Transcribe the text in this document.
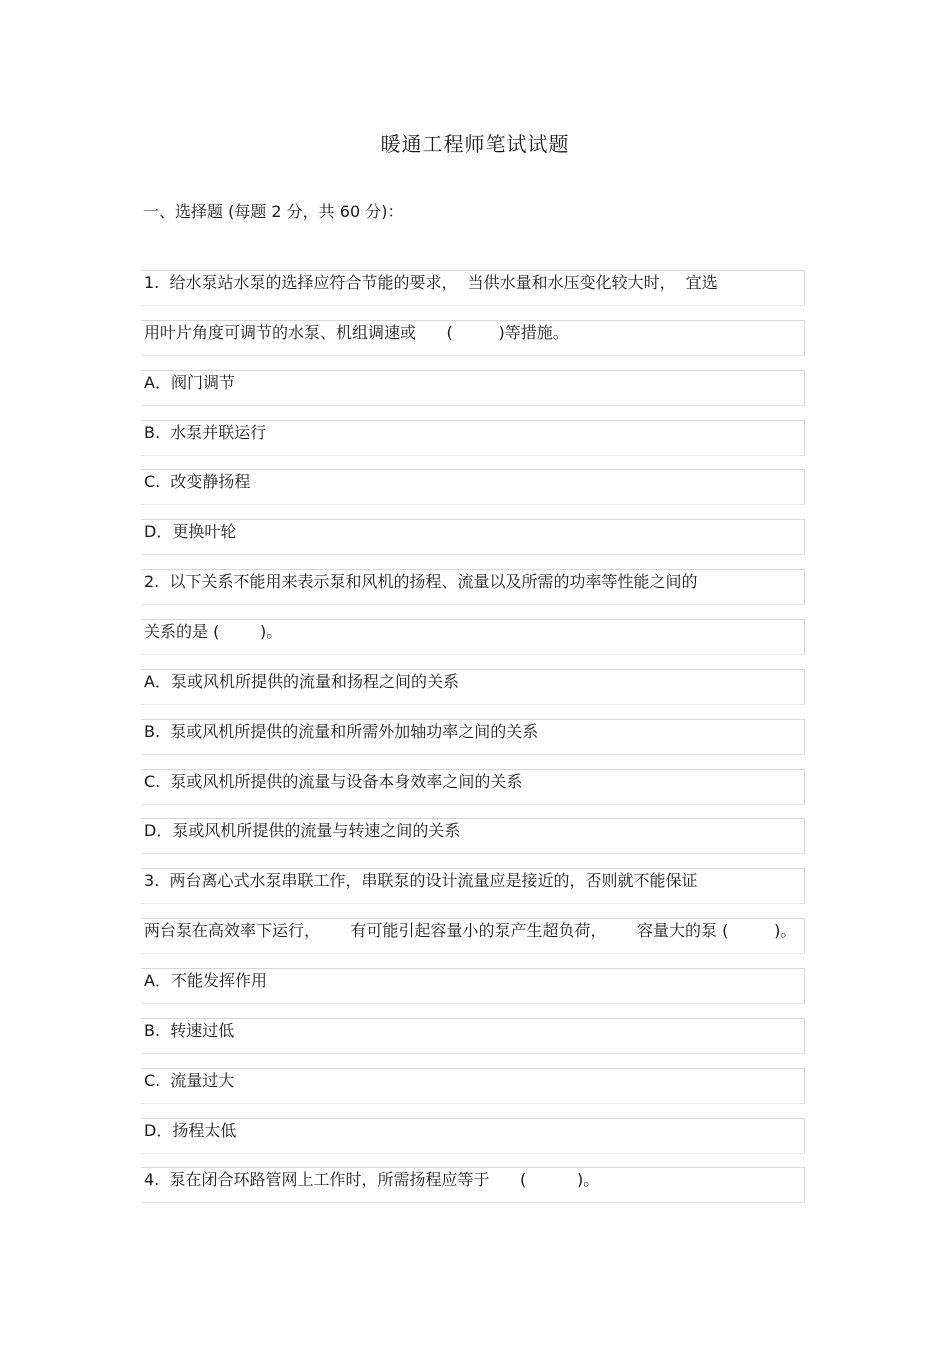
暖通工程师笔试试题
一、选择题 (每题 2 分，共 60 分)：
1.  给水泵站水泵的选择应符合节能的要求，  当供水量和水压变化较大时，  宜选
用叶片角度可调节的水泵、机组调速或      (         )等措施。
A．阀门调节
B.  水泵并联运行
C.  改变静扬程
D．更换叶轮
2.  以下关系不能用来表示泵和风机的扬程、流量以及所需的功率等性能之间的
关系的是 (        )。
A．泵或风机所提供的流量和扬程之间的关系
B.  泵或风机所提供的流量和所需外加轴功率之间的关系
C.  泵或风机所提供的流量与设备本身效率之间的关系
D．泵或风机所提供的流量与转速之间的关系
3.  两台离心式水泵串联工作，串联泵的设计流量应是接近的，否则就不能保证
两台泵在高效率下运行，      有可能引起容量小的泵产生超负荷，      容量大的泵 (         )。
A．不能发挥作用
B.  转速过低
C.  流量过大
D．扬程太低
4.  泵在闭合环路管网上工作时，所需扬程应等于      (          )。
